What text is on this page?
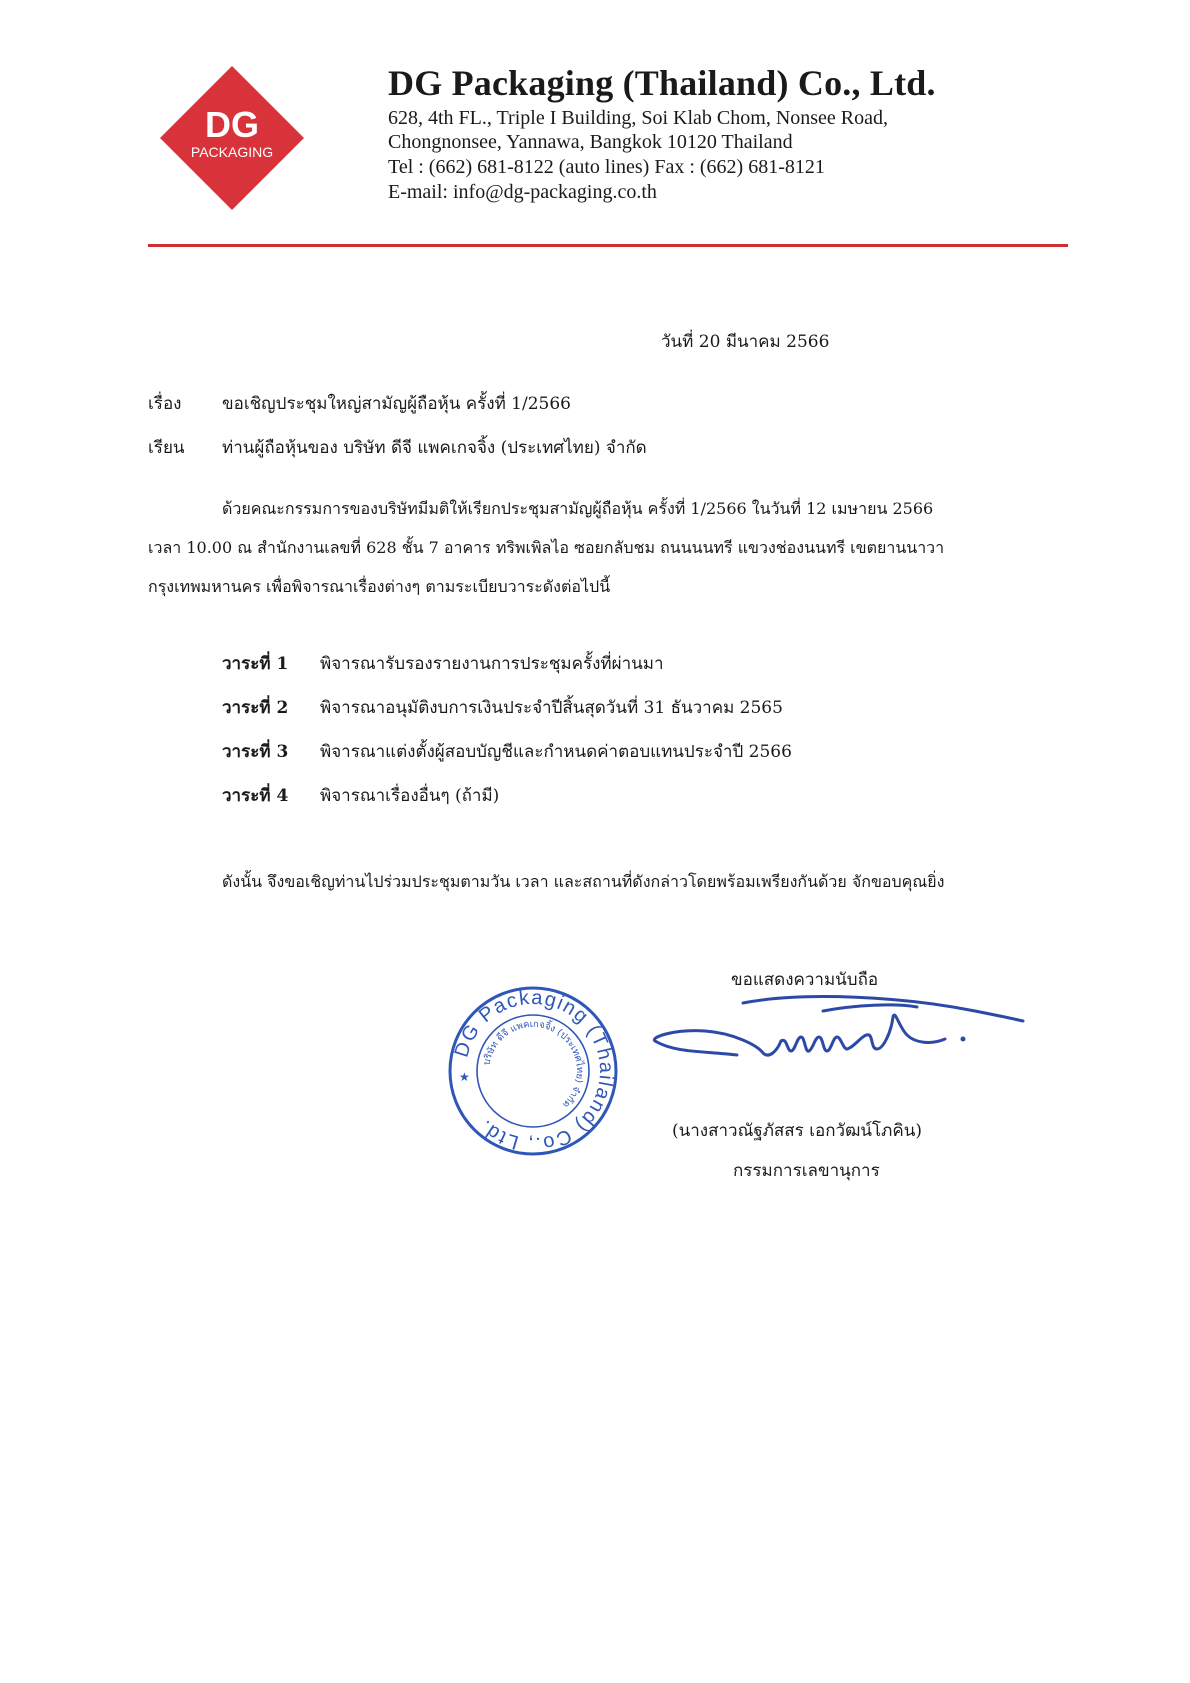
DG
PACKAGING
DG Packaging (Thailand) Co., Ltd.
628, 4th FL., Triple I Building, Soi Klab Chom, Nonsee Road,
Chongnonsee, Yannawa, Bangkok 10120 Thailand
Tel : (662) 681-8122 (auto lines) Fax : (662) 681-8121
E-mail: info@dg-packaging.co.th
วันที่ 20 มีนาคม 2566
เรื่อง ขอเชิญประชุมใหญ่สามัญผู้ถือหุ้น ครั้งที่ 1/2566
เรียน ท่านผู้ถือหุ้นของ บริษัท ดีจี แพคเกจจิ้ง (ประเทศไทย) จำกัด
ด้วยคณะกรรมการของบริษัทมีมติให้เรียกประชุมสามัญผู้ถือหุ้น ครั้งที่ 1/2566 ในวันที่ 12 เมษายน 2566
เวลา 10.00 ณ สำนักงานเลขที่ 628 ชั้น 7 อาคาร ทริพเพิลไอ ซอยกลับชม ถนนนนทรี แขวงช่องนนทรี เขตยานนาวา
กรุงเทพมหานคร เพื่อพิจารณาเรื่องต่างๆ ตามระเบียบวาระดังต่อไปนี้
วาระที่ 1 พิจารณารับรองรายงานการประชุมครั้งที่ผ่านมา
วาระที่ 2 พิจารณาอนุมัติงบการเงินประจำปีสิ้นสุดวันที่ 31 ธันวาคม 2565
วาระที่ 3 พิจารณาแต่งตั้งผู้สอบบัญชีและกำหนดค่าตอบแทนประจำปี 2566
วาระที่ 4 พิจารณาเรื่องอื่นๆ (ถ้ามี)
ดังนั้น จึงขอเชิญท่านไปร่วมประชุมตามวัน เวลา และสถานที่ดังกล่าวโดยพร้อมเพรียงกันด้วย จักขอบคุณยิ่ง
ขอแสดงความนับถือ
DG Packaging (Thailand) Co., Ltd.
บริษัท ดีจี แพคเกจจิ้ง (ประเทศไทย) จำกัด
★
(นางสาวณัฐภัสสร เอกวัฒน์โภคิน)
กรรมการเลขานุการ
